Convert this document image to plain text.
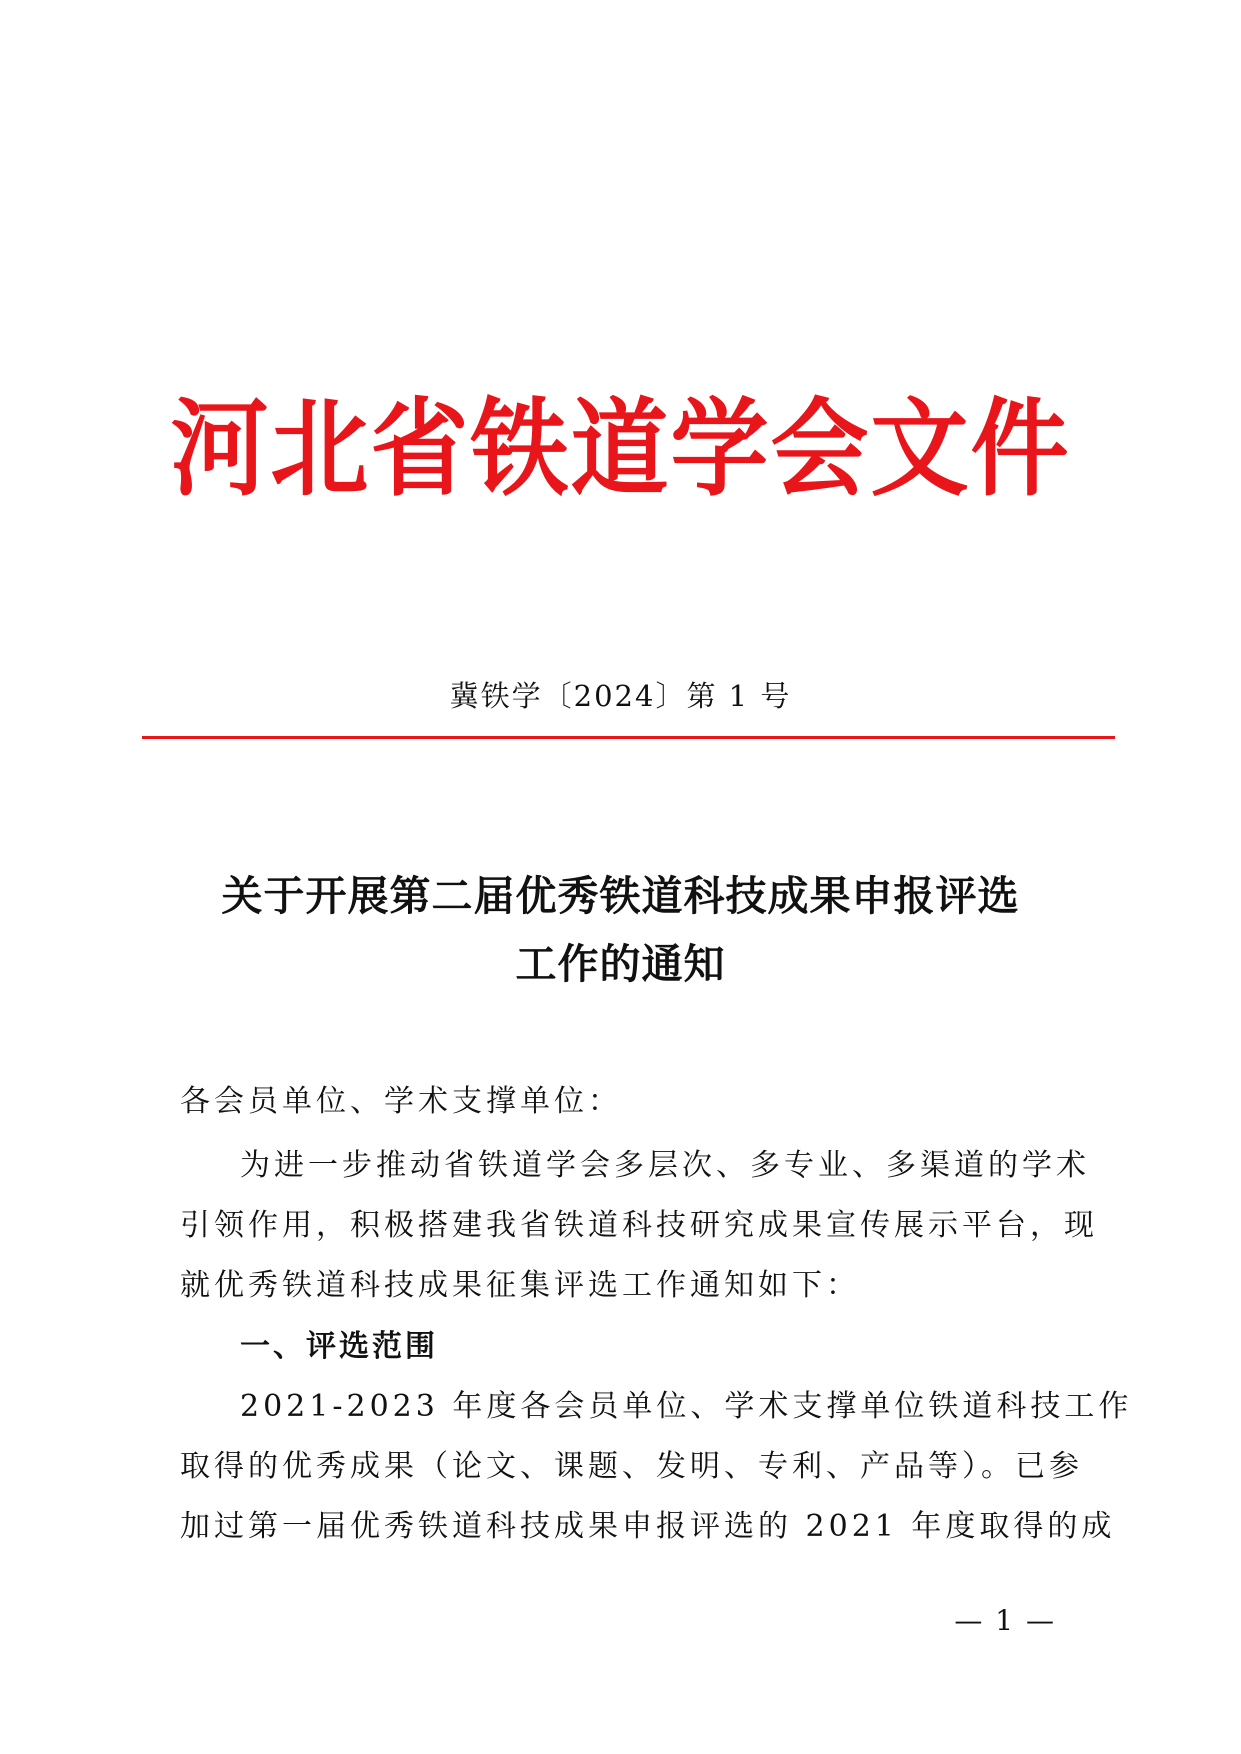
河北省铁道学会文件
冀铁学〔2024〕第 1 号
关于开展第二届优秀铁道科技成果申报评选
工作的通知
各会员单位、学术支撑单位：
为进一步推动省铁道学会多层次、多专业、多渠道的学术
引领作用，积极搭建我省铁道科技研究成果宣传展示平台，现
就优秀铁道科技成果征集评选工作通知如下：
一、评选范围
2021-2023 年度各会员单位、学术支撑单位铁道科技工作
取得的优秀成果（论文、课题、发明、专利、产品等）。已参
加过第一届优秀铁道科技成果申报评选的 2021 年度取得的成
— 1 —
